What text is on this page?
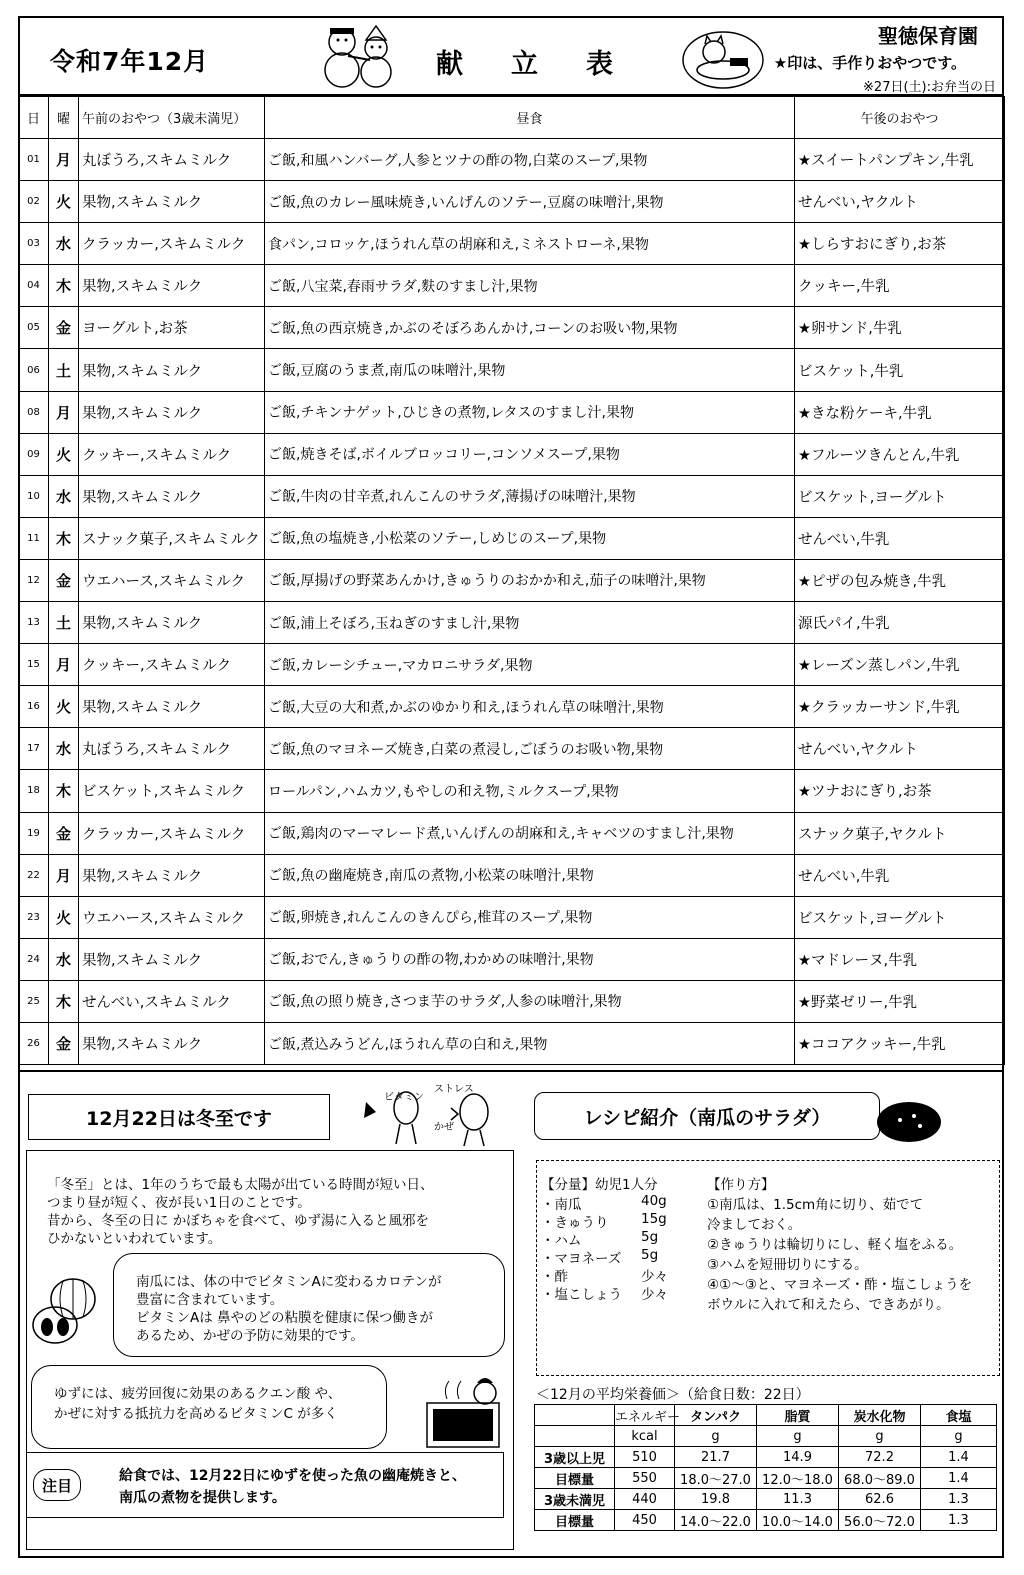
令和7年12月	献立表
聖徳保育園
★印は、手作りおやつです。
※27日(土):お弁当の日
日	曜	午前のおやつ（3歳未満児）	昼食	午後のおやつ
01	月	丸ぼうろ,スキムミルク	ご飯,和風ハンバーグ,人参とツナの酢の物,白菜のスープ,果物	★スイートパンプキン,牛乳
02	火	果物,スキムミルク	ご飯,魚のカレー風味焼き,いんげんのソテー,豆腐の味噌汁,果物	せんべい,ヤクルト
03	水	クラッカー,スキムミルク	食パン,コロッケ,ほうれん草の胡麻和え,ミネストローネ,果物	★しらすおにぎり,お茶
04	木	果物,スキムミルク	ご飯,八宝菜,春雨サラダ,麩のすまし汁,果物	クッキー,牛乳
05	金	ヨーグルト,お茶	ご飯,魚の西京焼き,かぶのそぼろあんかけ,コーンのお吸い物,果物	★卵サンド,牛乳
06	土	果物,スキムミルク	ご飯,豆腐のうま煮,南瓜の味噌汁,果物	ビスケット,牛乳
08	月	果物,スキムミルク	ご飯,チキンナゲット,ひじきの煮物,レタスのすまし汁,果物	★きな粉ケーキ,牛乳
09	火	クッキー,スキムミルク	ご飯,焼きそば,ボイルブロッコリー,コンソメスープ,果物	★フルーツきんとん,牛乳
10	水	果物,スキムミルク	ご飯,牛肉の甘辛煮,れんこんのサラダ,薄揚げの味噌汁,果物	ビスケット,ヨーグルト
11	木	スナック菓子,スキムミルク	ご飯,魚の塩焼き,小松菜のソテー,しめじのスープ,果物	せんべい,牛乳
12	金	ウエハース,スキムミルク	ご飯,厚揚げの野菜あんかけ,きゅうりのおかか和え,茄子の味噌汁,果物	★ピザの包み焼き,牛乳
13	土	果物,スキムミルク	ご飯,浦上そぼろ,玉ねぎのすまし汁,果物	源氏パイ,牛乳
15	月	クッキー,スキムミルク	ご飯,カレーシチュー,マカロニサラダ,果物	★レーズン蒸しパン,牛乳
16	火	果物,スキムミルク	ご飯,大豆の大和煮,かぶのゆかり和え,ほうれん草の味噌汁,果物	★クラッカーサンド,牛乳
17	水	丸ぼうろ,スキムミルク	ご飯,魚のマヨネーズ焼き,白菜の煮浸し,ごぼうのお吸い物,果物	せんべい,ヤクルト
18	木	ビスケット,スキムミルク	ロールパン,ハムカツ,もやしの和え物,ミルクスープ,果物	★ツナおにぎり,お茶
19	金	クラッカー,スキムミルク	ご飯,鶏肉のマーマレード煮,いんげんの胡麻和え,キャベツのすまし汁,果物	スナック菓子,ヤクルト
22	月	果物,スキムミルク	ご飯,魚の幽庵焼き,南瓜の煮物,小松菜の味噌汁,果物	せんべい,牛乳
23	火	ウエハース,スキムミルク	ご飯,卵焼き,れんこんのきんぴら,椎茸のスープ,果物	ビスケット,ヨーグルト
24	水	果物,スキムミルク	ご飯,おでん,きゅうりの酢の物,わかめの味噌汁,果物	★マドレーヌ,牛乳
25	木	せんべい,スキムミルク	ご飯,魚の照り焼き,さつま芋のサラダ,人参の味噌汁,果物	★野菜ゼリー,牛乳
26	金	果物,スキムミルク	ご飯,煮込みうどん,ほうれん草の白和え,果物	★ココアクッキー,牛乳
12月22日は冬至です
ビタミン
ストレス
かぜ
「冬至」とは、1年のうちで最も太陽が出ている時間が短い日、
つまり昼が短く、夜が長い1日のことです。
昔から、冬至の日に かぼちゃを食べて、ゆず湯に入ると風邪を
ひかないといわれています。
南瓜には、体の中でビタミンAに変わるカロテンが
豊富に含まれています。
ビタミンAは 鼻やのどの粘膜を健康に保つ働きが
あるため、かぜの予防に効果的です。
ゆずには、疲労回復に効果のあるクエン酸 や、
かぜに対する抵抗力を高めるビタミンC が多く
注目
給食では、12月22日にゆずを使った魚の幽庵焼きと、
南瓜の煮物を提供します。
レシピ紹介（南瓜のサラダ）
【分量】幼児1人分
・南瓜	40g
・きゅうり 15g
・ハム	5g
・マヨネーズ 5g
・酢	少々
・塩こしょう 少々
【作り方】
①南瓜は、1.5cm角に切り、茹でて
冷ましておく。
②きゅうりは輪切りにし、軽く塩をふる。
③ハムを短冊切りにする。
④①～③と、マヨネーズ・酢・塩こしょうを
ボウルに入れて和えたら、できあがり。
＜12月の平均栄養価＞（給食日数：22日）
	エネルギー	タンパク	脂質	炭水化物	食塩
	kcal	g	g	g	g
3歳以上児	510	21.7	14.9	72.2	1.4
目標量	550	18.0～27.0	12.0～18.0	68.0～89.0	1.4
3歳未満児	440	19.8	11.3	62.6	1.3
目標量	450	14.0～22.0	10.0～14.0	56.0～72.0	1.3
